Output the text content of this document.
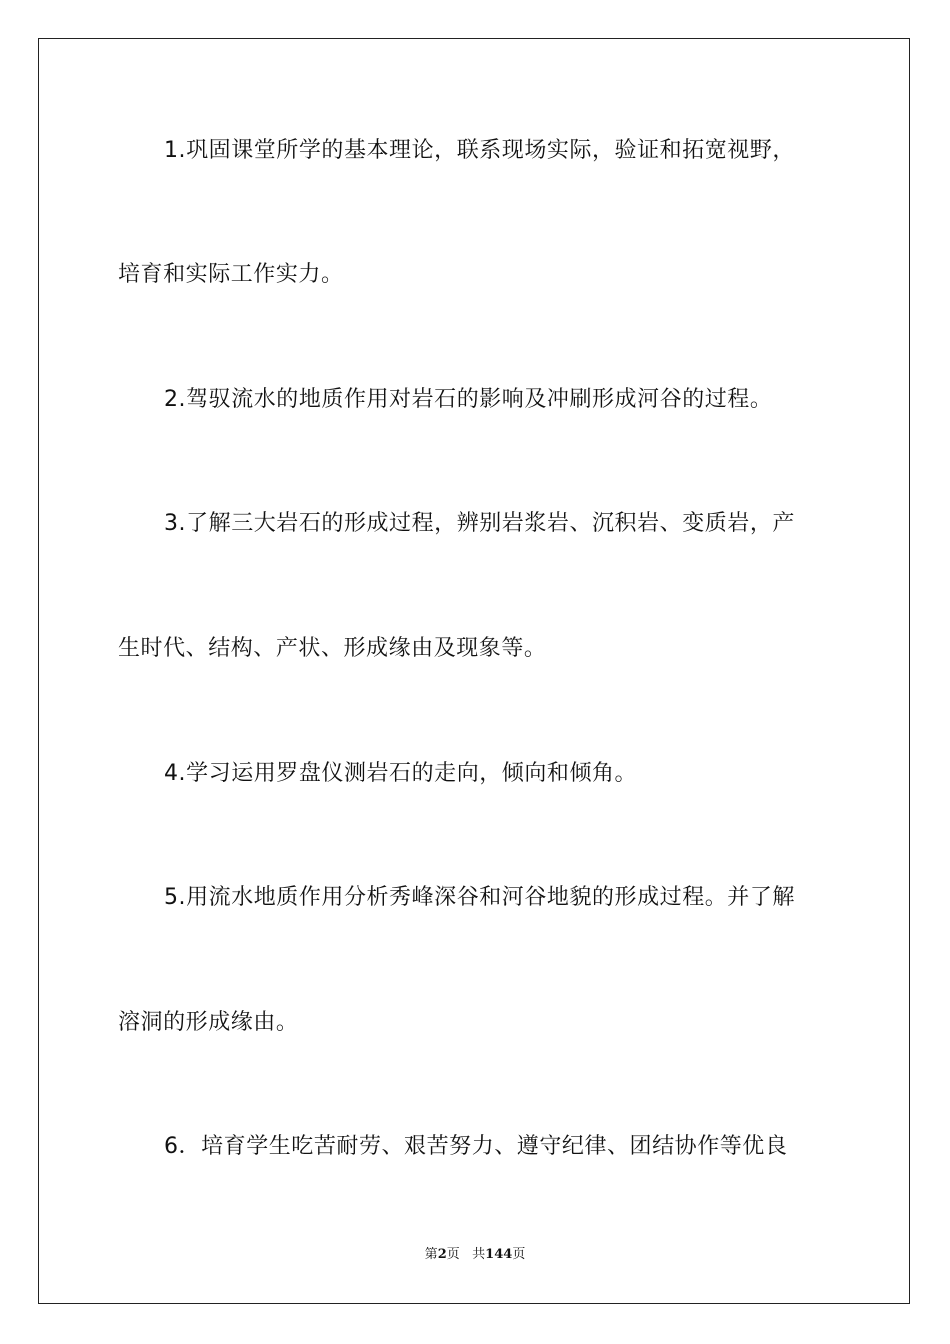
1.巩固课堂所学的基本理论，联系现场实际，验证和拓宽视野，
培育和实际工作实力。
2.驾驭流水的地质作用对岩石的影响及冲刷形成河谷的过程。
3.了解三大岩石的形成过程，辨别岩浆岩、沉积岩、变质岩，产
生时代、结构、产状、形成缘由及现象等。
4.学习运用罗盘仪测岩石的走向，倾向和倾角。
5.用流水地质作用分析秀峰深谷和河谷地貌的形成过程。并了解
溶洞的形成缘由。
6．培育学生吃苦耐劳、艰苦努力、遵守纪律、团结协作等优良
第2页 共144页
